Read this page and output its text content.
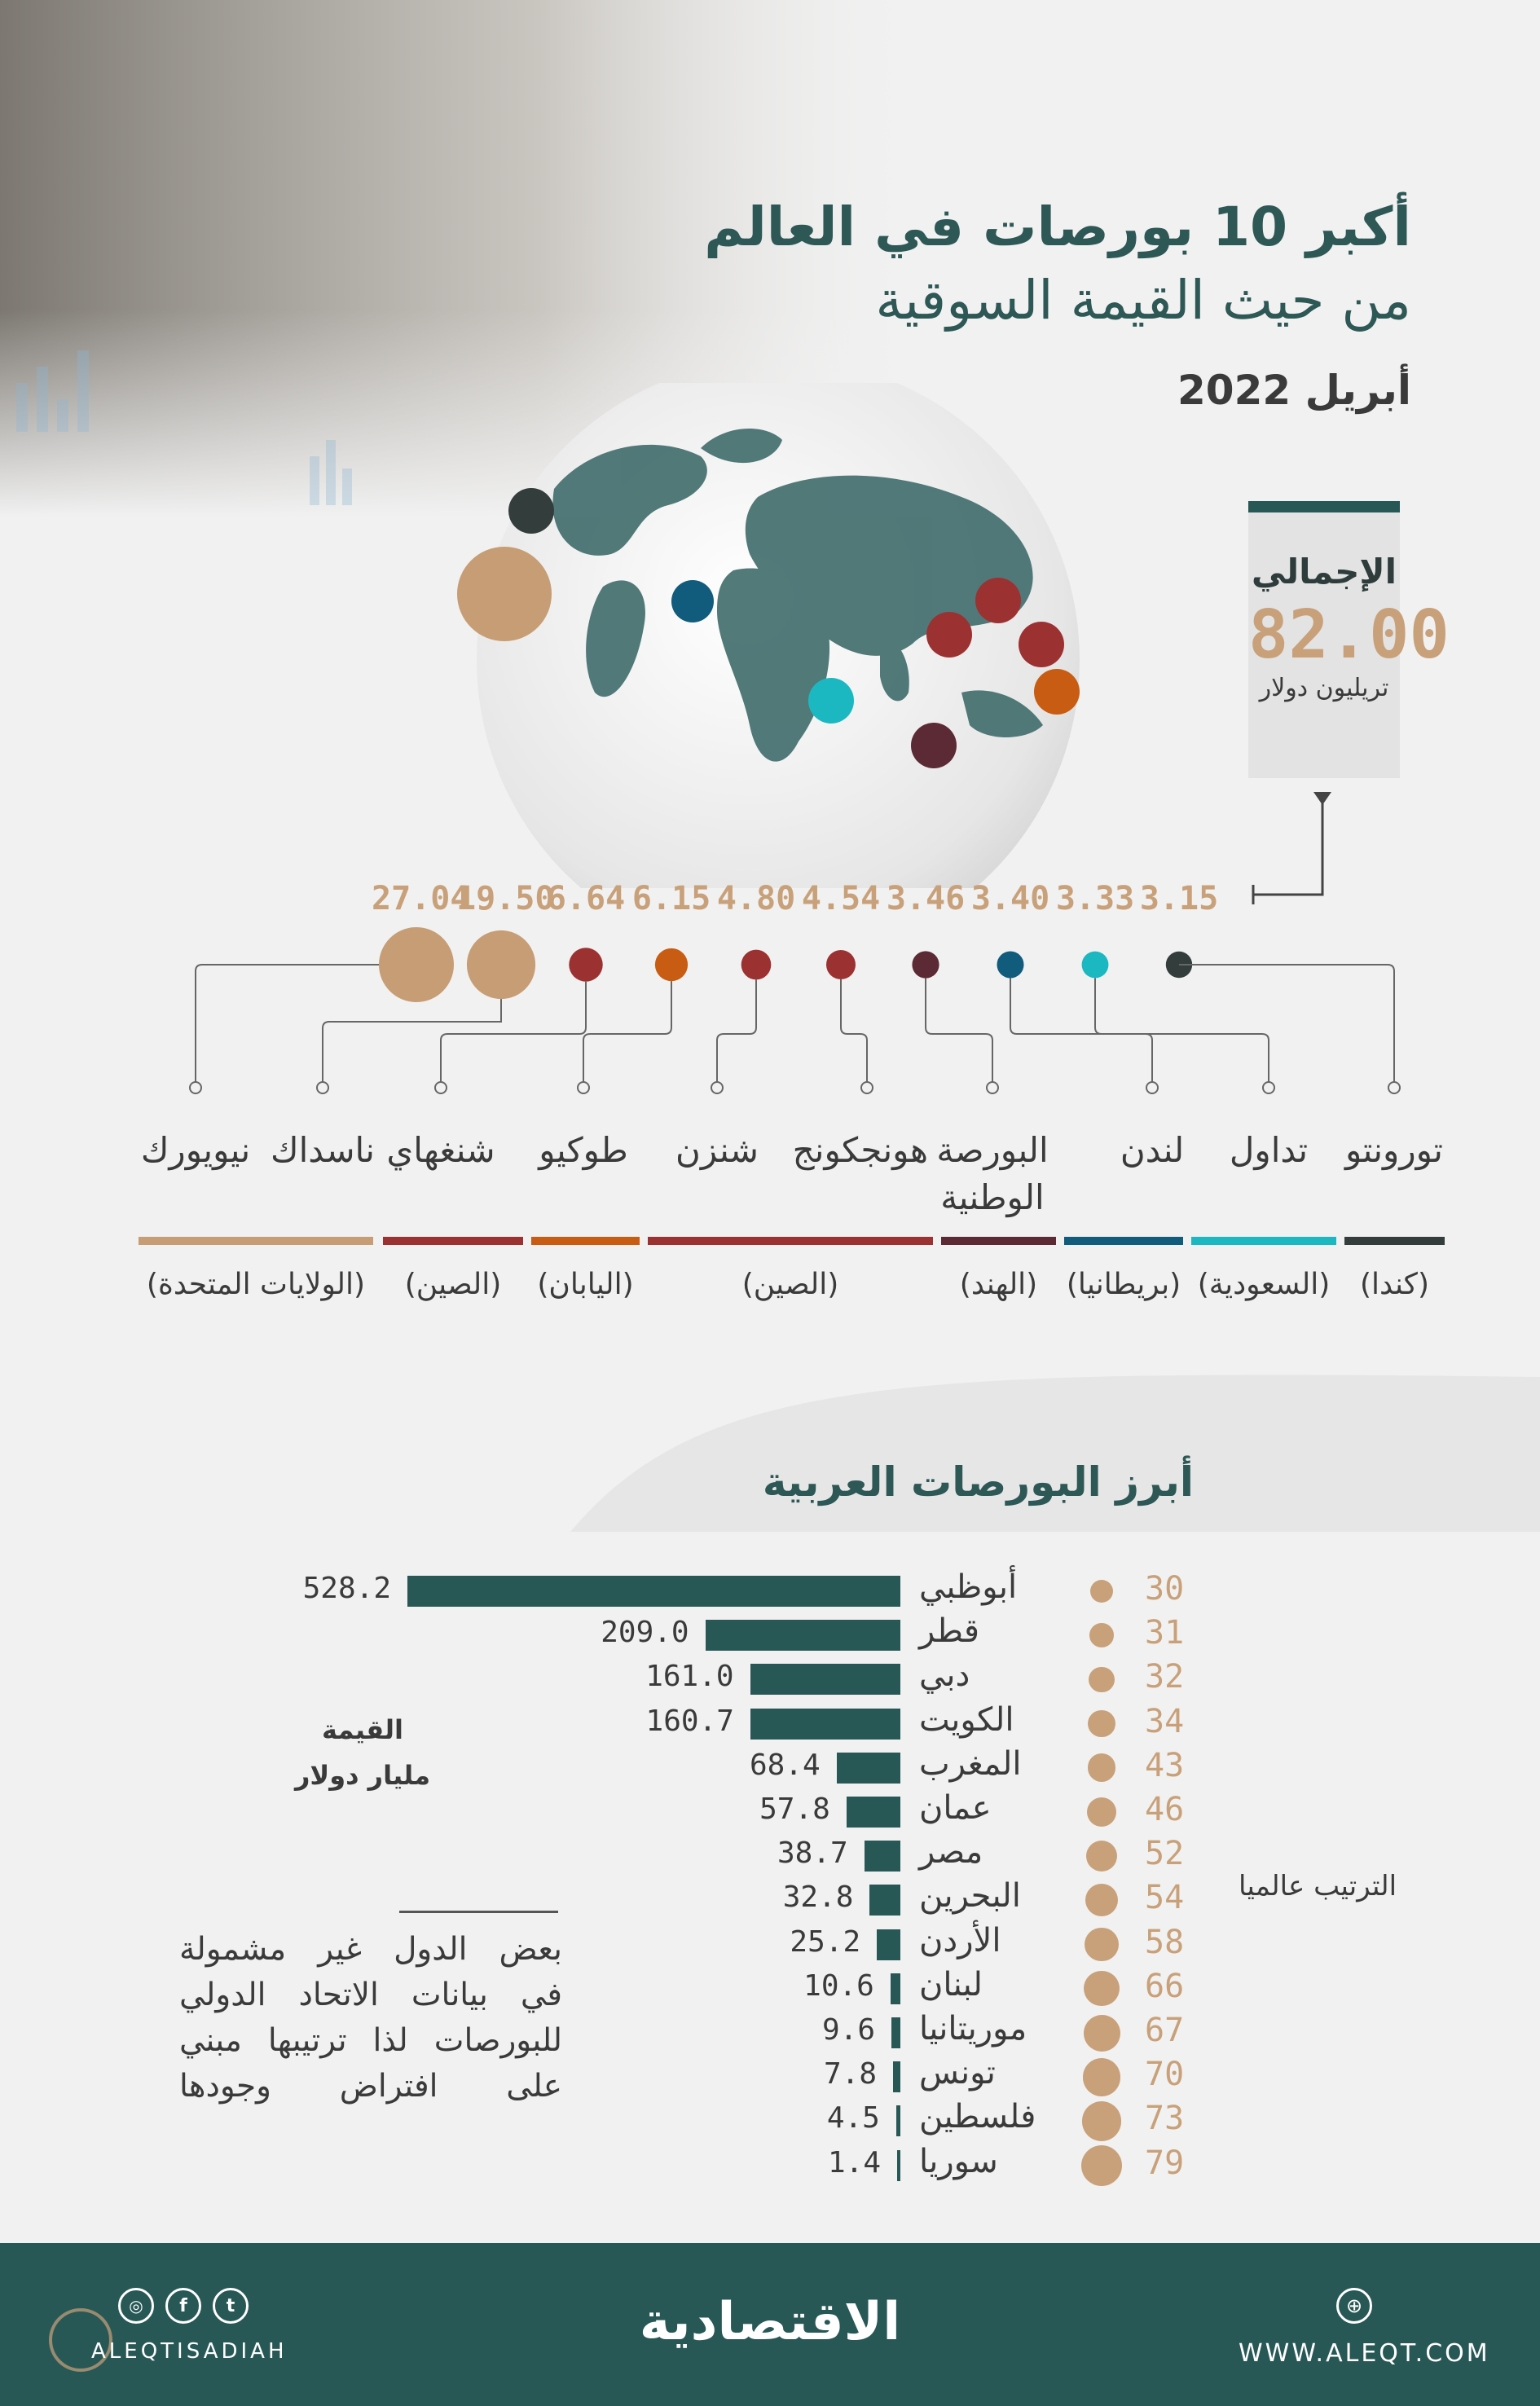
أكبر 10 بورصات في العالم
من حيث القيمة السوقية
أبريل 2022
الإجمالي
82.00
تريليون دولار
3.15
تورونتو
3.33
تداول
3.40
لندن
3.46
البورصة الوطنية
4.54
هونجكونج
4.80
شنزن
6.15
طوكيو
6.64
شنغهاي
19.50
ناسداك
27.04
نيويورك
(كندا)
(السعودية)
(بريطانيا)
(الهند)
(الصين)
(اليابان)
(الصين)
(الولايات المتحدة)
أبرز البورصات العربية
القيمة
مليار دولار
الترتيب عالميا
بعض الدول غير مشمولة
في بيانات الاتحاد الدولي
للبورصات لذا ترتيبها مبني
على افتراض وجودها
528.2	أبوظبي	30
209.0	قطر	31
161.0	دبي	32
160.7	الكويت	34
68.4	المغرب	43
57.8	عمان	46
38.7 مصر	52
32.8 البحرين	54
25.2 الأردن	58
10.6 لبنان	66
9.6 موريتانيا	67
7.8 تونس	70
4.5 فلسطين	73
1.4 سوريا	79
ALEQTISADIAH
◎	f	t	الاقتصادية	⊕
WWW.ALEQT.COM
